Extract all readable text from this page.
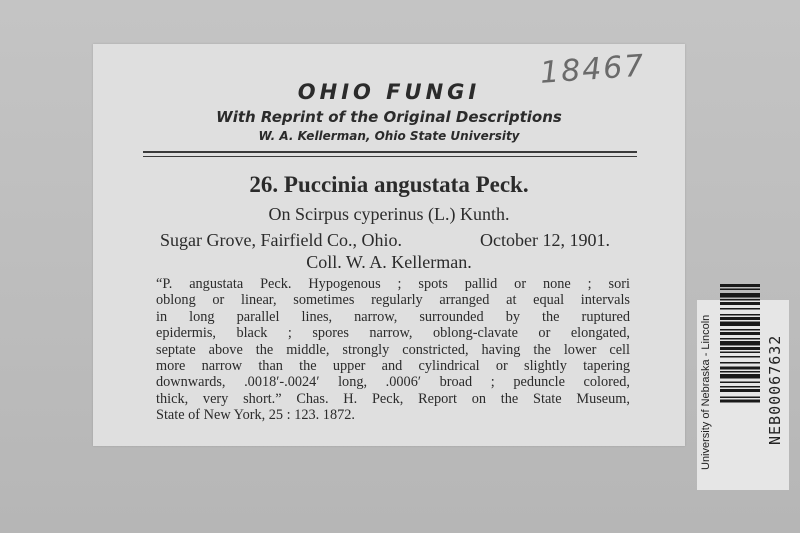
18467
OHIO FUNGI
With Reprint of the Original Descriptions
W. A. Kellerman, Ohio State University
26. Puccinia angustata Peck.
On Scirpus cyperinus (L.) Kunth.
Sugar Grove, Fairfield Co., Ohio.	October 12, 1901.
Coll. W. A. Kellerman.
“P. angustata Peck. Hypogenous ; spots pallid or none ; sori
oblong or linear, sometimes regularly arranged at equal intervals
in long parallel lines, narrow, surrounded by the ruptured
epidermis, black ; spores narrow, oblong-clavate or elongated,
septate above the middle, strongly constricted, having the lower cell
more narrow than the upper and cylindrical or slightly tapering
downwards, .0018′-.0024′ long, .0006′ broad ; peduncle colored,
thick, very short.” Chas. H. Peck, Report on the State Museum,
State of New York, 25 : 123. 1872.	University of Nebraska - Lincoln	NEB00067632
